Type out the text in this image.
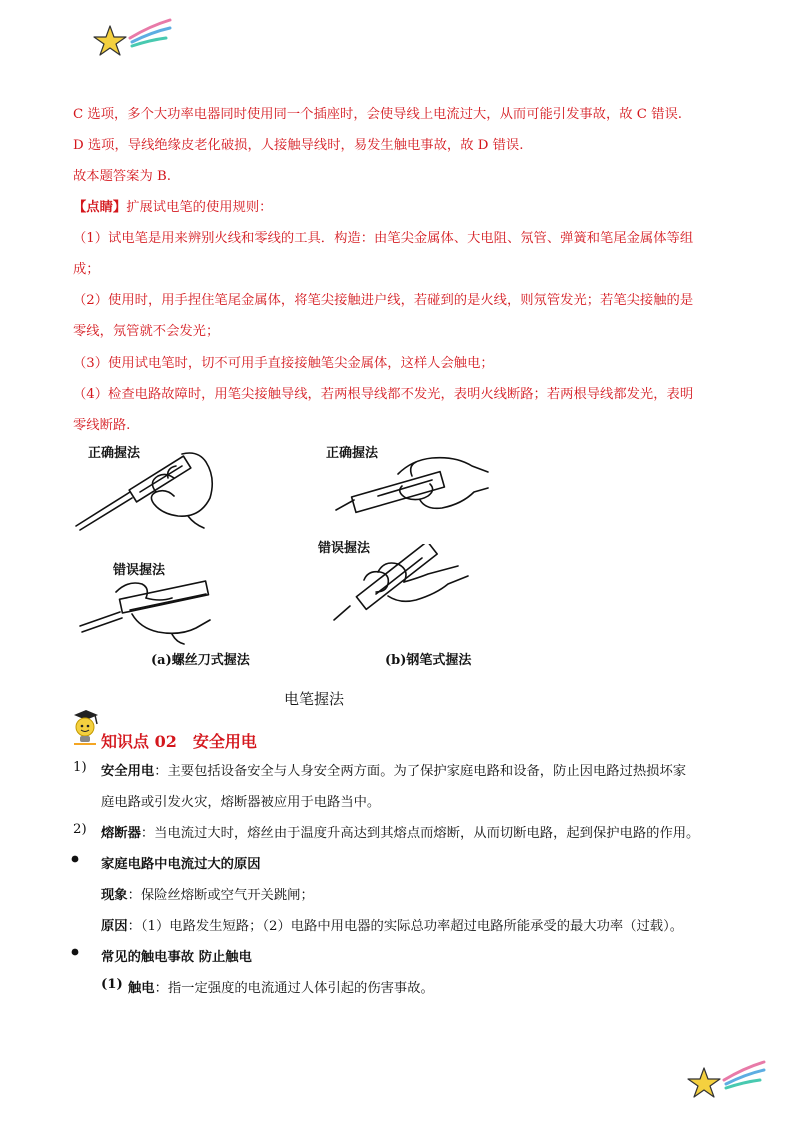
C 选项，多个大功率电器同时使用同一个插座时，会使导线上电流过大，从而可能引发事故，故 C 错误.
D 选项，导线绝缘皮老化破损，人接触导线时，易发生触电事故，故 D 错误.
故本题答案为 B.
【点睛】扩展试电笔的使用规则：
（1）试电笔是用来辨别火线和零线的工具．构造：由笔尖金属体、大电阻、氖管、弹簧和笔尾金属体等组
成；
（2）使用时，用手捏住笔尾金属体，将笔尖接触进户线，若碰到的是火线，则氖管发光；若笔尖接触的是
零线，氖管就不会发光；
（3）使用试电笔时，切不可用手直接接触笔尖金属体，这样人会触电；
（4）检查电路故障时，用笔尖接触导线，若两根导线都不发光，表明火线断路；若两根导线都发光，表明
零线断路.
正确握法	正确握法
错误握法
错误握法
(a)螺丝刀式握法	(b)钢笔式握法
电笔握法
知识点 02　安全用电
1) 安全用电：主要包括设备安全与人身安全两方面。为了保护家庭电路和设备，防止因电路过热损坏家
庭电路或引发火灾，熔断器被应用于电路当中。
2) 熔断器：当电流过大时，熔丝由于温度升高达到其熔点而熔断，从而切断电路，起到保护电路的作用。
家庭电路中电流过大的原因
现象：保险丝熔断或空气开关跳闸；
原因：（1）电路发生短路；（2）电路中用电器的实际总功率超过电路所能承受的最大功率（过载）。
常见的触电事故 防止触电
(1) 触电：指一定强度的电流通过人体引起的伤害事故。
